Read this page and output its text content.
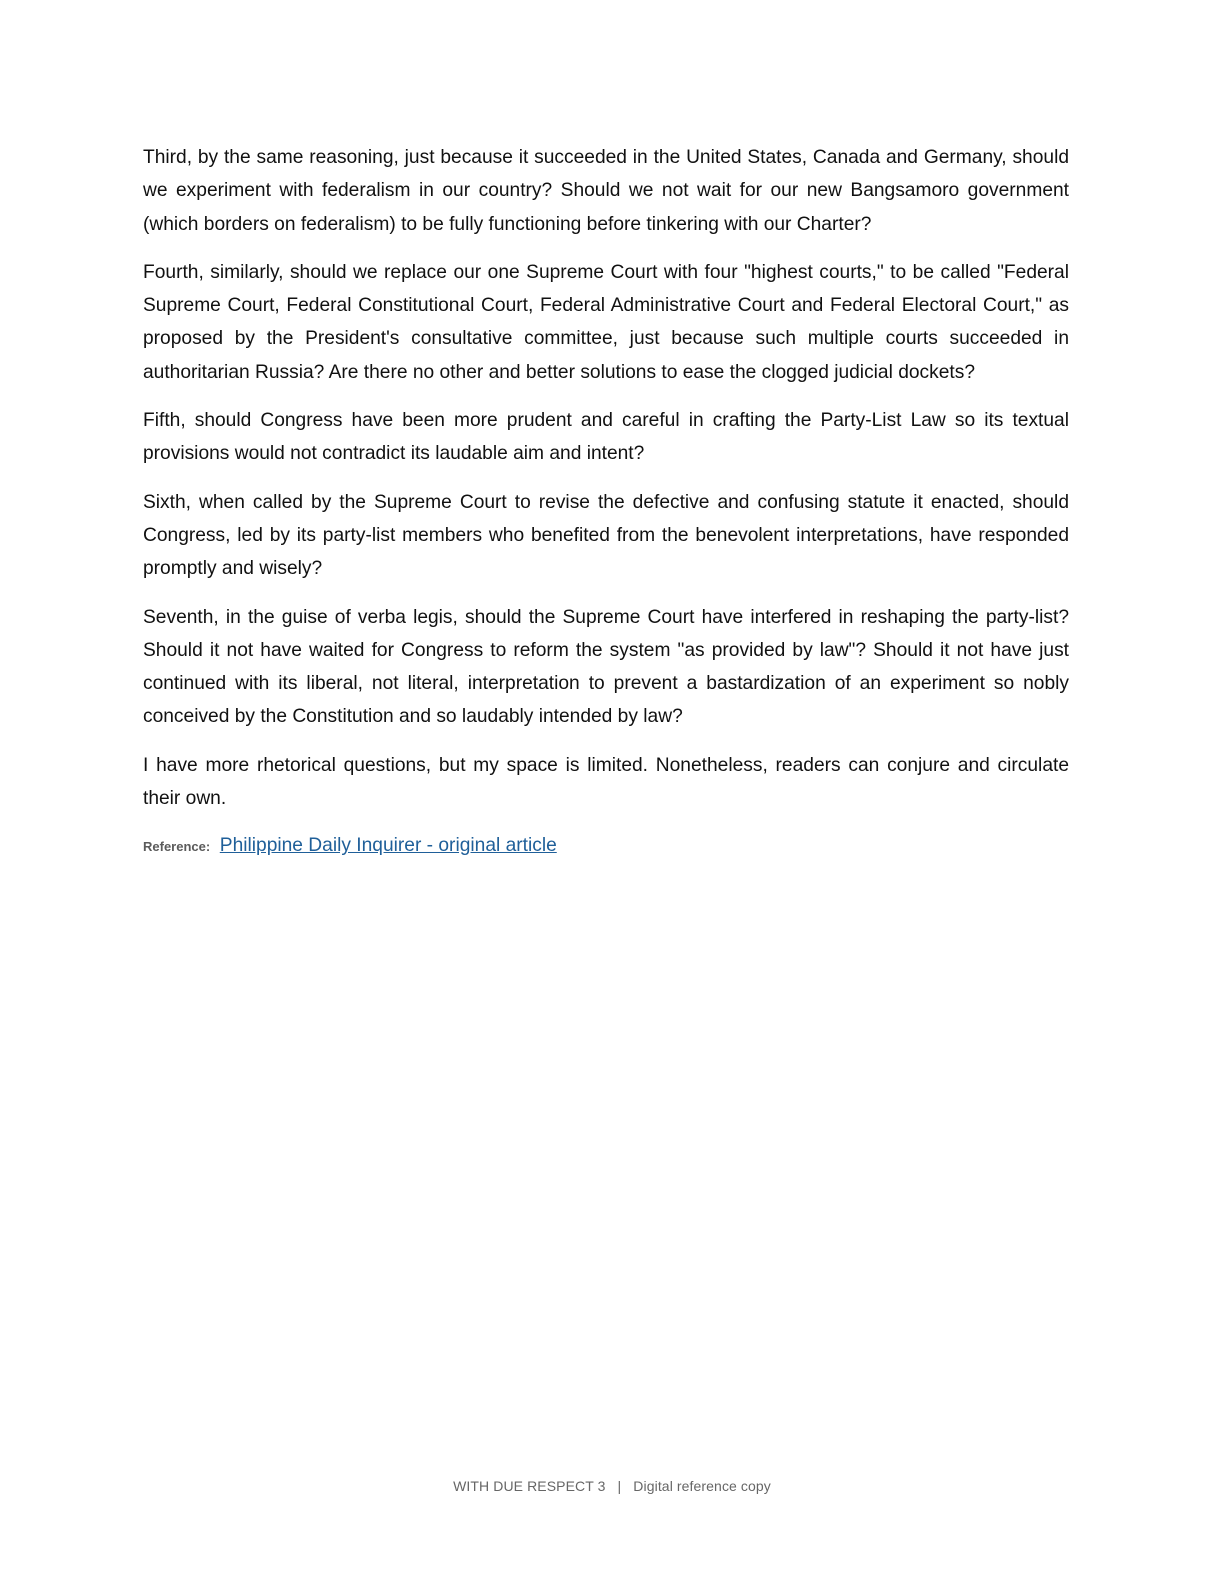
Third, by the same reasoning, just because it succeeded in the United States, Canada and Germany, should we experiment with federalism in our country? Should we not wait for our new Bangsamoro government (which borders on federalism) to be fully functioning before tinkering with our Charter?

Fourth, similarly, should we replace our one Supreme Court with four "highest courts," to be called "Federal Supreme Court, Federal Constitutional Court, Federal Administrative Court and Federal Electoral Court," as proposed by the President's consultative committee, just because such multiple courts succeeded in authoritarian Russia? Are there no other and better solutions to ease the clogged judicial dockets?

Fifth, should Congress have been more prudent and careful in crafting the Party-List Law so its textual provisions would not contradict its laudable aim and intent?

Sixth, when called by the Supreme Court to revise the defective and confusing statute it enacted, should Congress, led by its party-list members who benefited from the benevolent interpretations, have responded promptly and wisely?

Seventh, in the guise of verba legis, should the Supreme Court have interfered in reshaping the party-list? Should it not have waited for Congress to reform the system "as provided by law"? Should it not have just continued with its liberal, not literal, interpretation to prevent a bastardization of an experiment so nobly conceived by the Constitution and so laudably intended by law?

I have more rhetorical questions, but my space is limited. Nonetheless, readers can conjure and circulate their own.

Reference: Philippine Daily Inquirer - original article
WITH DUE RESPECT 3 | Digital reference copy
